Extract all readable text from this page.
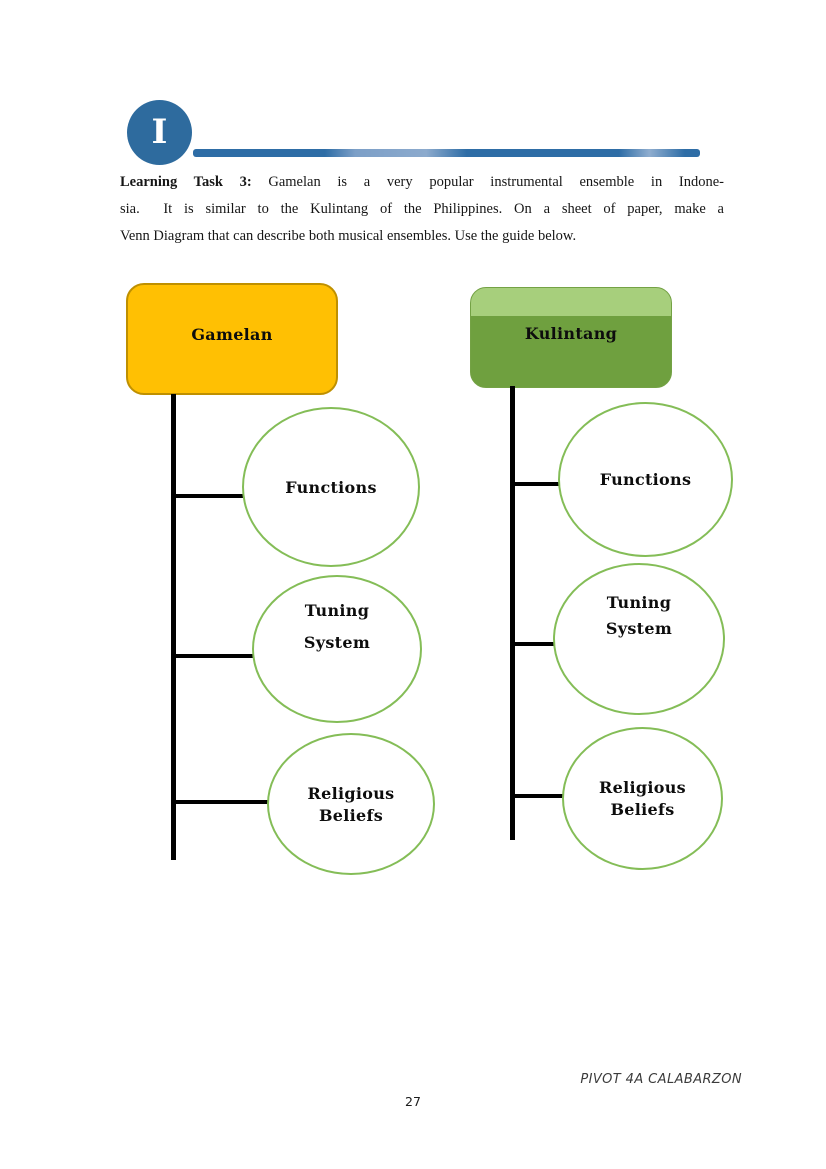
I
Learning Task 3: Gamelan is a very popular instrumental ensemble in Indone-
sia.  It is similar to the Kulintang of the Philippines. On a sheet of paper, make a
Venn Diagram that can describe both musical ensembles. Use the guide below.
Gamelan
Functions
Tuning
System
Religious
Beliefs
Kulintang
Functions
Tuning
System
Religious
Beliefs
PIVOT 4A CALABARZON
27
